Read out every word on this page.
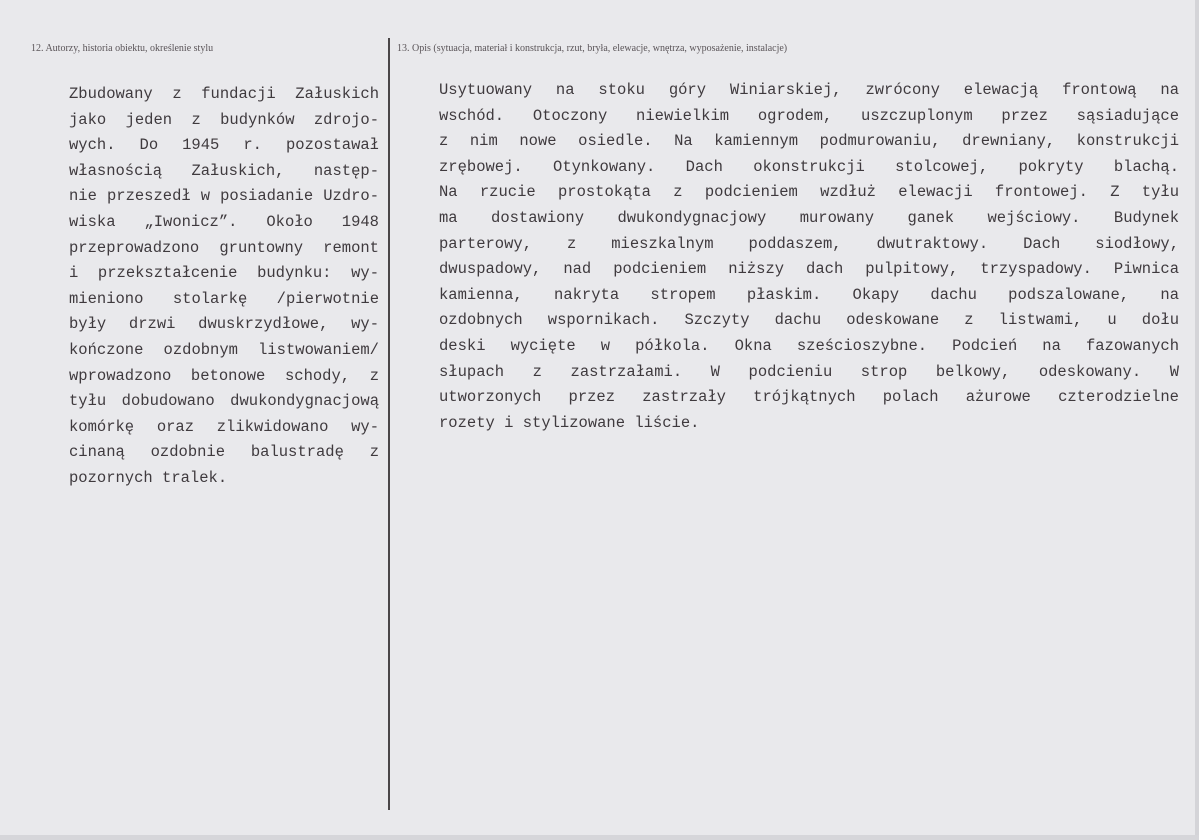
12. Autorzy, historia obiektu, określenie stylu	13. Opis (sytuacja, materiał i konstrukcja, rzut, bryła, elewacje, wnętrza, wyposażenie, instalacje)
Zbudowany z fundacji Załuskich
jako jeden z budynków zdrojo-
wych. Do 1945 r. pozostawał
własnością Załuskich, następ-
nie przeszedł w posiadanie Uzdro-
wiska „Iwonicz”. Około 1948
przeprowadzono gruntowny remont
i przekształcenie budynku: wy-
mieniono stolarkę /pierwotnie
były drzwi dwuskrzydłowe, wy-
kończone ozdobnym listwowaniem/
wprowadzono betonowe schody, z
tyłu dobudowano dwukondygnacjową
komórkę oraz zlikwidowano wy-
cinaną ozdobnie balustradę z
pozornych tralek.
Usytuowany na stoku góry Winiarskiej, zwrócony elewacją frontową na
wschód. Otoczony niewielkim ogrodem, uszczuplonym przez sąsiadujące
z nim nowe osiedle. Na kamiennym podmurowaniu, drewniany, konstrukcji
zrębowej. Otynkowany. Dach okonstrukcji stolcowej, pokryty blachą.
Na rzucie prostokąta z podcieniem wzdłuż elewacji frontowej. Z tyłu
ma dostawiony dwukondygnacjowy murowany ganek wejściowy. Budynek
parterowy, z mieszkalnym poddaszem, dwutraktowy. Dach siodłowy,
dwuspadowy, nad podcieniem niższy dach pulpitowy, trzyspadowy. Piwnica
kamienna, nakryta stropem płaskim. Okapy dachu podszalowane, na
ozdobnych wspornikach. Szczyty dachu odeskowane z listwami, u dołu
deski wycięte w półkola. Okna sześcioszybne. Podcień na fazowanych
słupach z zastrzałami. W podcieniu strop belkowy, odeskowany. W
utworzonych przez zastrzały trójkątnych polach ażurowe czterodzielne
rozety i stylizowane liście.
